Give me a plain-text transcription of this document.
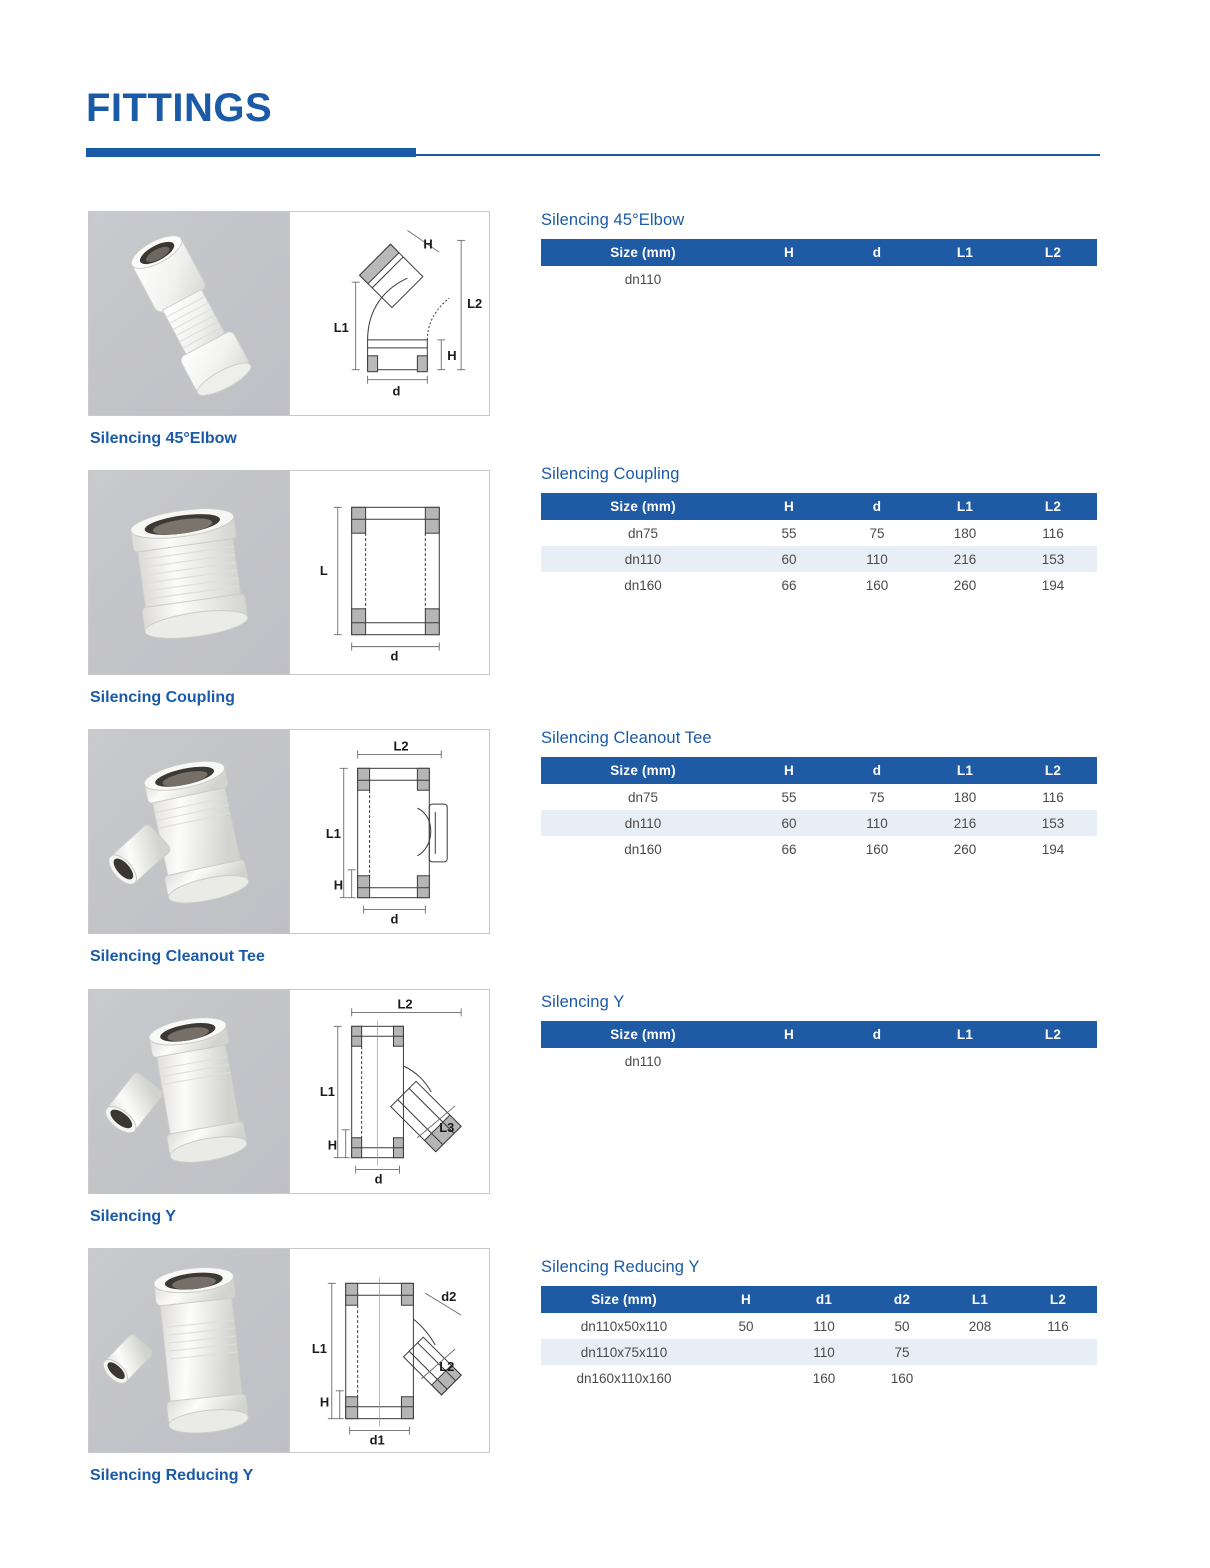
FITTINGS
L1
L2
H
H
d
Silencing 45°Elbow
L
d
Silencing Coupling
L2
L1
H
d
Silencing Cleanout Tee
L2
L1
L3
H
d
Silencing Y
L1
H
d1
d2
L2
Silencing Reducing Y
Silencing 45°Elbow
Size (mm)	H	d	L1	L2
dn110				
Silencing Coupling
Size (mm)	H	d	L1	L2
dn75	55	75	180	116
dn110	60	110	216	153
dn160	66	160	260	194
Silencing Cleanout Tee
Size (mm)	H	d	L1	L2
dn75	55	75	180	116
dn110	60	110	216	153
dn160	66	160	260	194
Silencing Y
Size (mm)	H	d	L1	L2
dn110				
Silencing Reducing Y
Size (mm)	H	d1	d2	L1	L2
dn110x50x110	50	110	50	208	116
dn110x75x110		110	75		
dn160x110x160		160	160		
